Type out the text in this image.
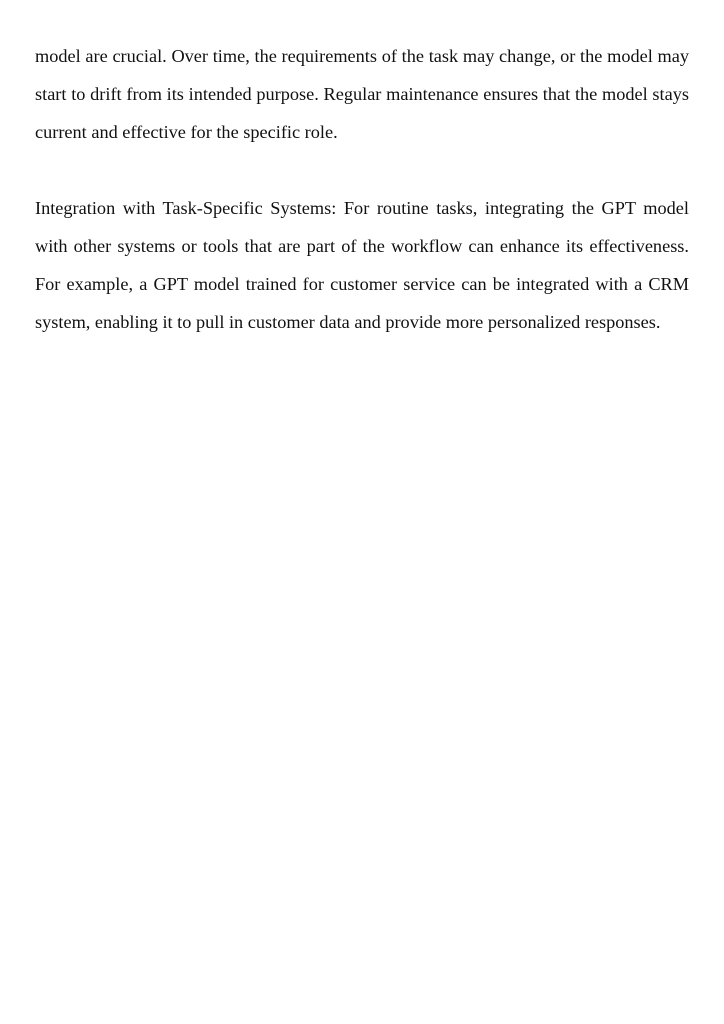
model are crucial. Over time, the requirements of the task may change, or the model may start to drift from its intended purpose. Regular maintenance ensures that the model stays current and effective for the specific role.

Integration with Task-Specific Systems: For routine tasks, integrating the GPT model with other systems or tools that are part of the workflow can enhance its effectiveness. For example, a GPT model trained for customer service can be integrated with a CRM system, enabling it to pull in customer data and provide more personalized responses.
